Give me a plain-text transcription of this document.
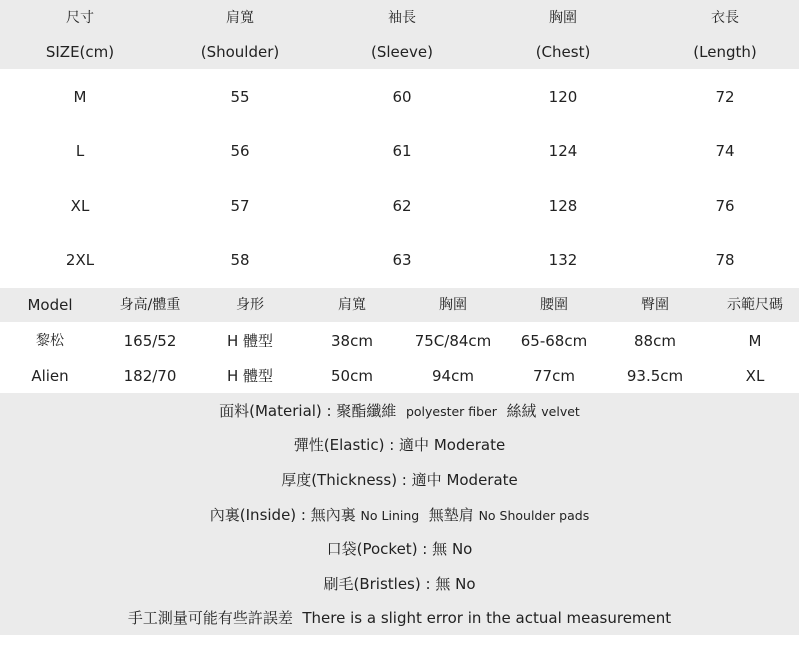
尺寸	肩寬	袖長	胸圍	衣長
SIZE(cm)	(Shoulder)	(Sleeve)	(Chest)	(Length)
M	55	60	120	72
L	56	61	124	74
XL	57	62	128	76
2XL	58	63	132	78
Model	身高/體重	身形	肩寬	胸圍	腰圍	臀圍	示範尺碼
黎松	165/52	H 體型	38cm	75C/84cm	65-68cm	88cm	M
Alien	182/70	H 體型	50cm	94cm	77cm	93.5cm	XL
面料(Material) : 聚酯纖維 polyester fiber 絲絨 velvet
彈性(Elastic) : 適中 Moderate
厚度(Thickness) : 適中 Moderate
內裏(Inside) : 無內裏 No Lining 無墊肩 No Shoulder pads
口袋(Pocket) : 無 No
刷毛(Bristles) : 無 No
手工測量可能有些許誤差 There is a slight error in the actual measurement
